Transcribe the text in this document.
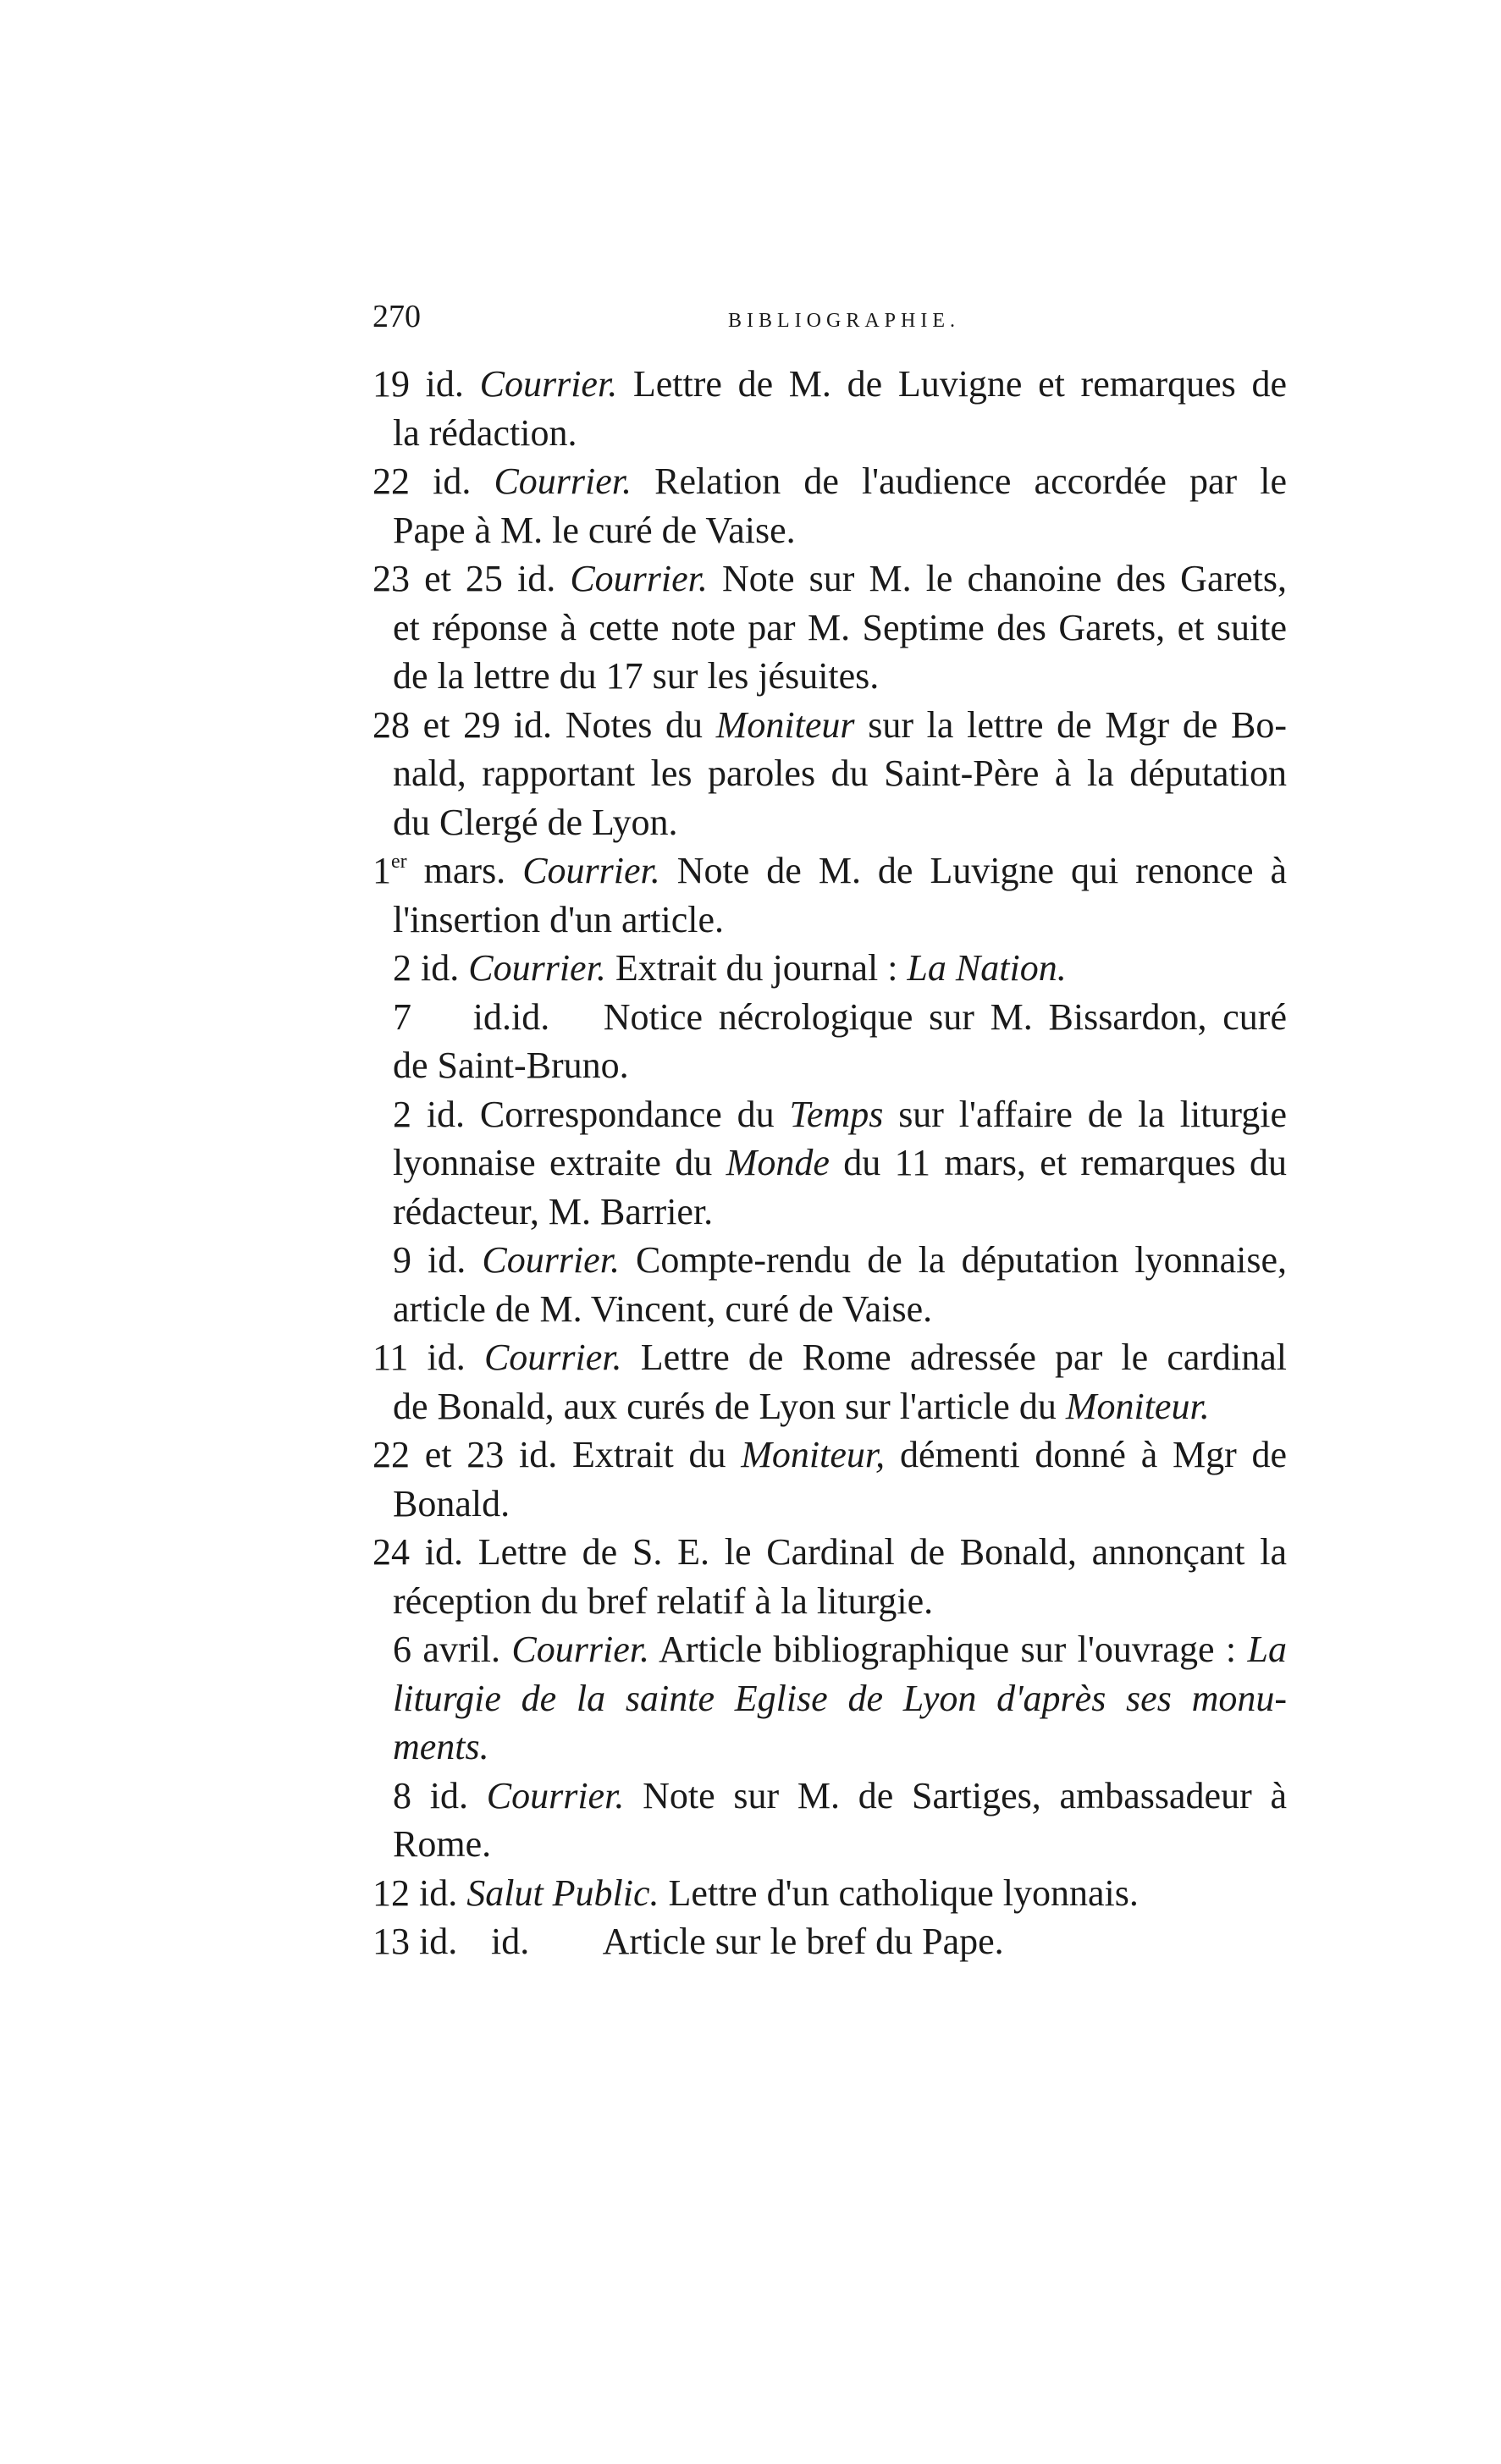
270	BIBLIOGRAPHIE.
19 id. Courrier. Lettre de M. de Luvigne et remarques de
la rédaction.
22 id. Courrier. Relation de l'audience accordée par le
Pape à M. le curé de Vaise.
23 et 25 id. Courrier. Note sur M. le chanoine des Garets,
et réponse à cette note par M. Septime des Garets, et suite
de la lettre du 17 sur les jésuites.
28 et 29 id. Notes du Moniteur sur la lettre de Mgr de Bo-
nald, rapportant les paroles du Saint-Père à la députation
du Clergé de Lyon.
1er mars. Courrier. Note de M. de Luvigne qui renonce à
l'insertion d'un article.
2 id. Courrier. Extrait du journal : La Nation.
7 id.id. Notice nécrologique sur M. Bissardon, curé
de Saint-Bruno.
2 id. Correspondance du Temps sur l'affaire de la liturgie
lyonnaise extraite du Monde du 11 mars, et remarques du
rédacteur, M. Barrier.
9 id. Courrier. Compte-rendu de la députation lyonnaise,
article de M. Vincent, curé de Vaise.
11 id. Courrier. Lettre de Rome adressée par le cardinal
de Bonald, aux curés de Lyon sur l'article du Moniteur.
22 et 23 id. Extrait du Moniteur, démenti donné à Mgr de
Bonald.
24 id. Lettre de S. E. le Cardinal de Bonald, annonçant la
réception du bref relatif à la liturgie.
6 avril. Courrier. Article bibliographique sur l'ouvrage : La
liturgie de la sainte Eglise de Lyon d'après ses monu-
ments.
8 id. Courrier. Note sur M. de Sartiges, ambassadeur à
Rome.
12 id. Salut Public. Lettre d'un catholique lyonnais.
13 id. id. Article sur le bref du Pape.
